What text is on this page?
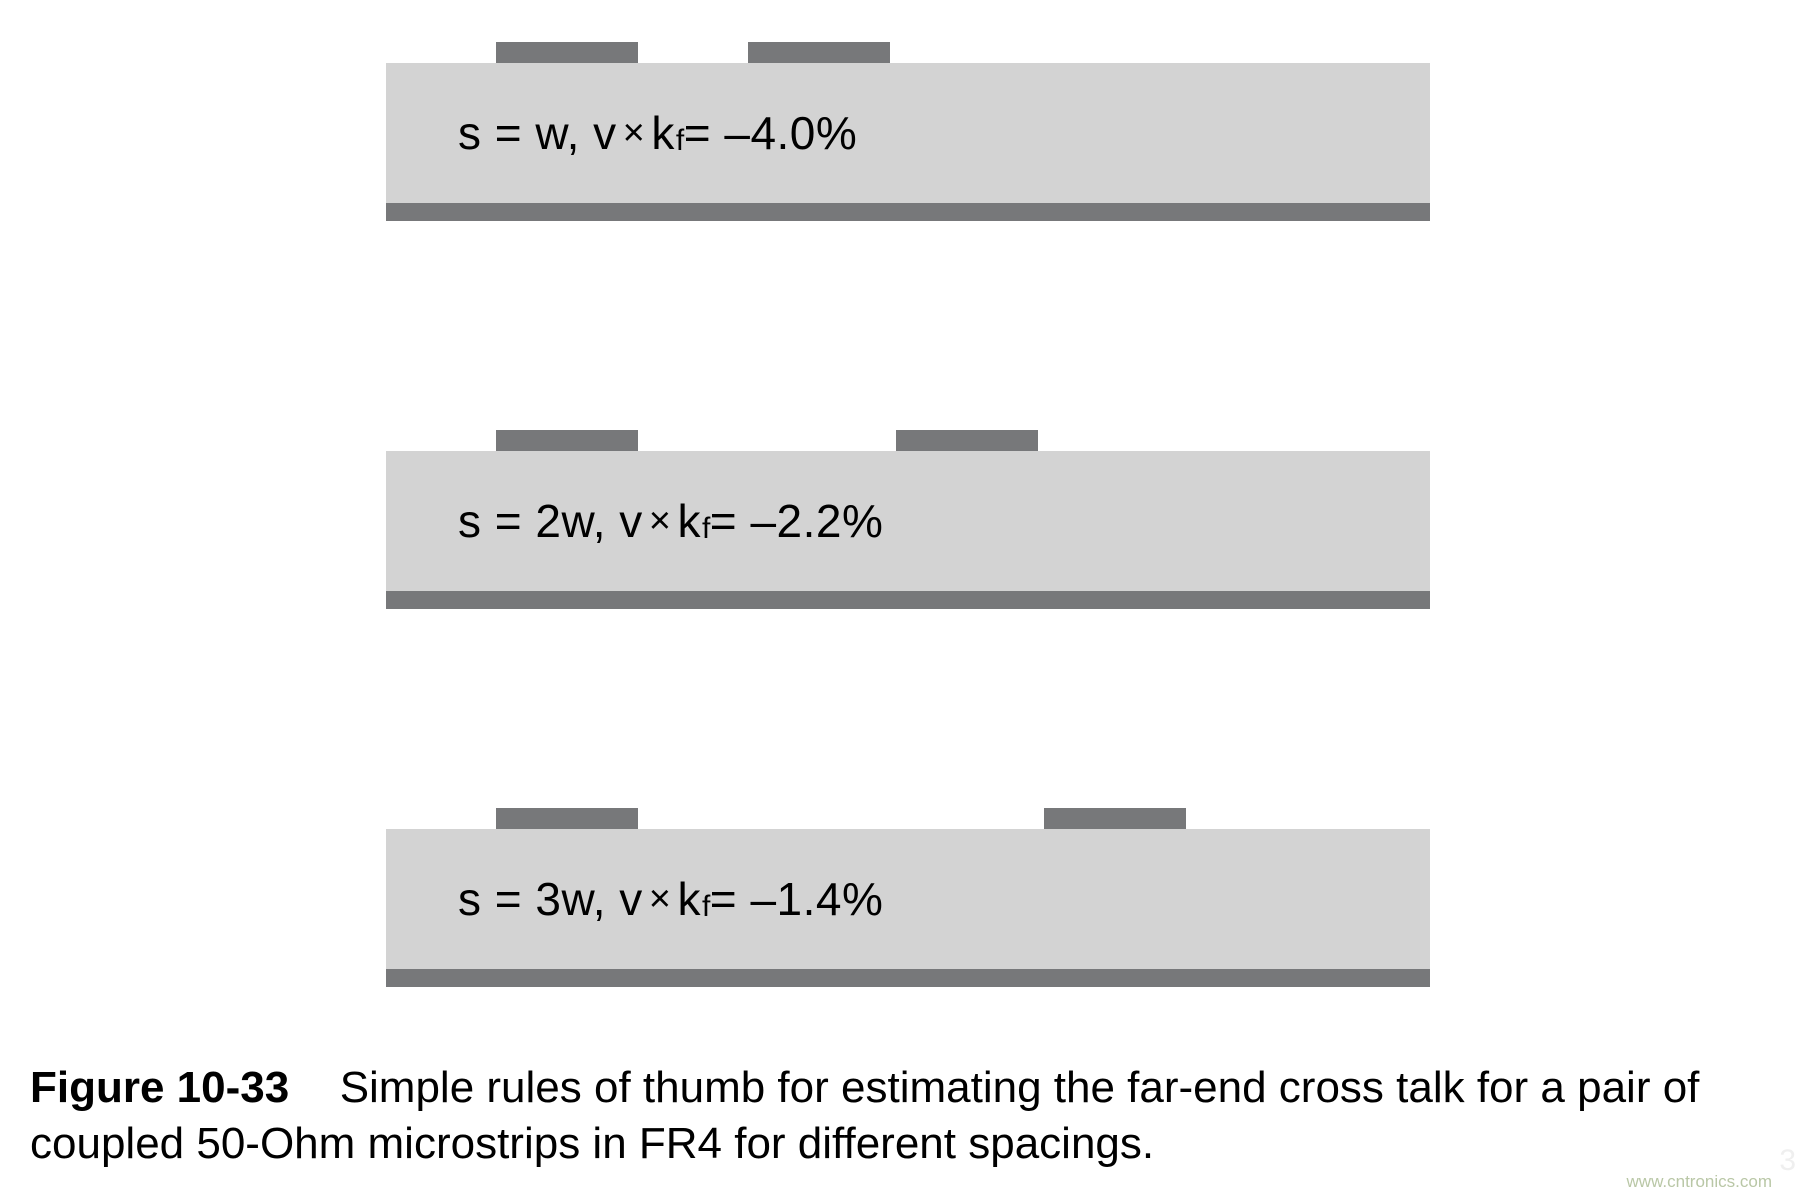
s = w, v × k f = –4.0%
s = 2w, v × k f = –2.2%
s = 3w, v × k f = –1.4%
Figure 10-33 Simple rules of thumb for estimating the far-end cross talk for a pair of coupled 50-Ohm microstrips in FR4 for different spacings.	3
www.cntronics.com
